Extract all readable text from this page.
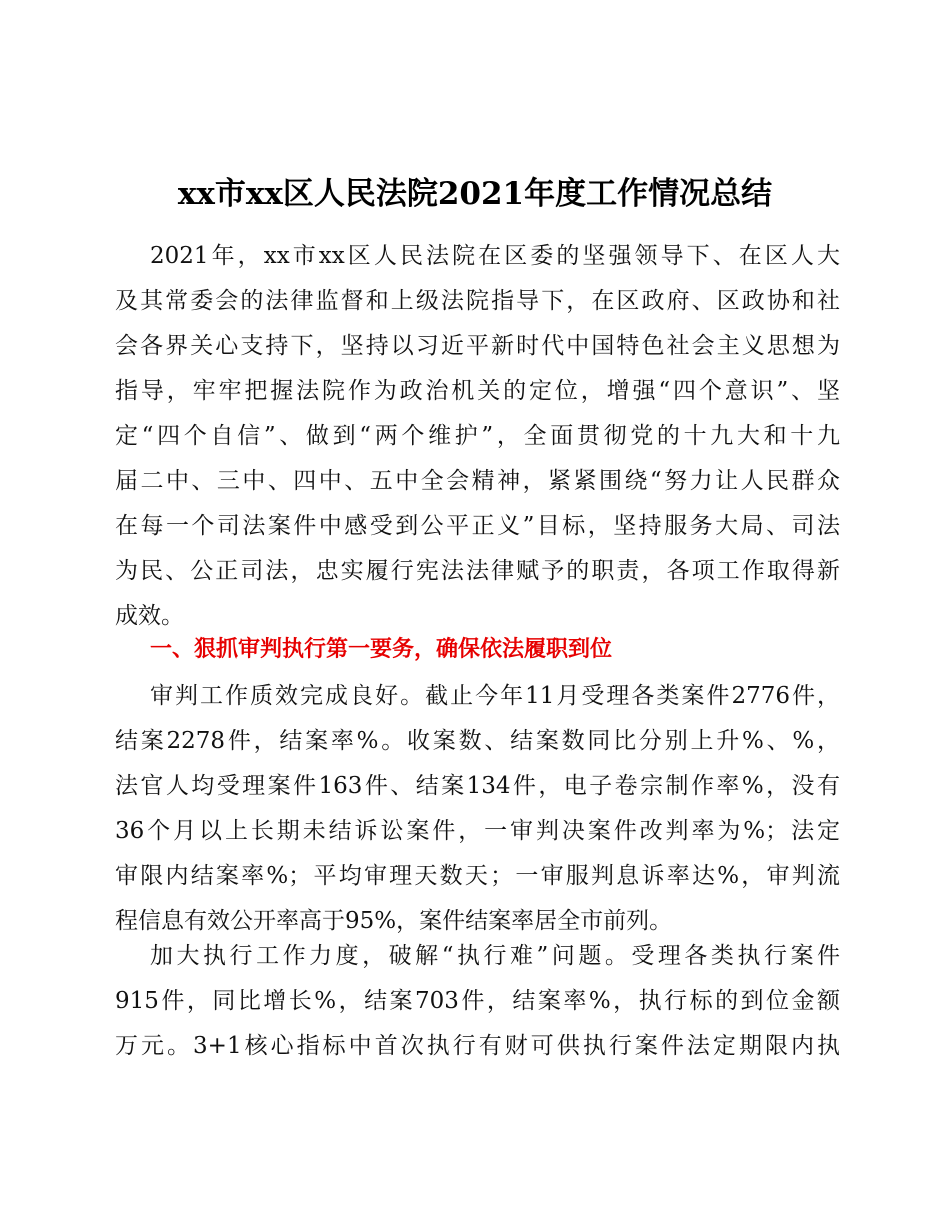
xx市xx区人民法院2021年度工作情况总结
2021年，xx市xx区人民法院在区委的坚强领导下、在区人大
及其常委会的法律监督和上级法院指导下，在区政府、区政协和社
会各界关心支持下，坚持以习近平新时代中国特色社会主义思想为
指导，牢牢把握法院作为政治机关的定位，增强“四个意识”、坚
定“四个自信”、做到“两个维护”，全面贯彻党的十九大和十九
届二中、三中、四中、五中全会精神，紧紧围绕“努力让人民群众
在每一个司法案件中感受到公平正义”目标，坚持服务大局、司法
为民、公正司法，忠实履行宪法法律赋予的职责，各项工作取得新
成效。
一、狠抓审判执行第一要务，确保依法履职到位
审判工作质效完成良好。截止今年11月受理各类案件2776件，
结案2278件，结案率%。收案数、结案数同比分别上升%、%，
法官人均受理案件163件、结案134件，电子卷宗制作率%，没有
36个月以上长期未结诉讼案件，一审判决案件改判率为%；法定
审限内结案率%；平均审理天数天；一审服判息诉率达%，审判流
程信息有效公开率高于95%，案件结案率居全市前列。
加大执行工作力度，破解“执行难”问题。受理各类执行案件
915件，同比增长%，结案703件，结案率%，执行标的到位金额
万元。3+1核心指标中首次执行有财可供执行案件法定期限内执
